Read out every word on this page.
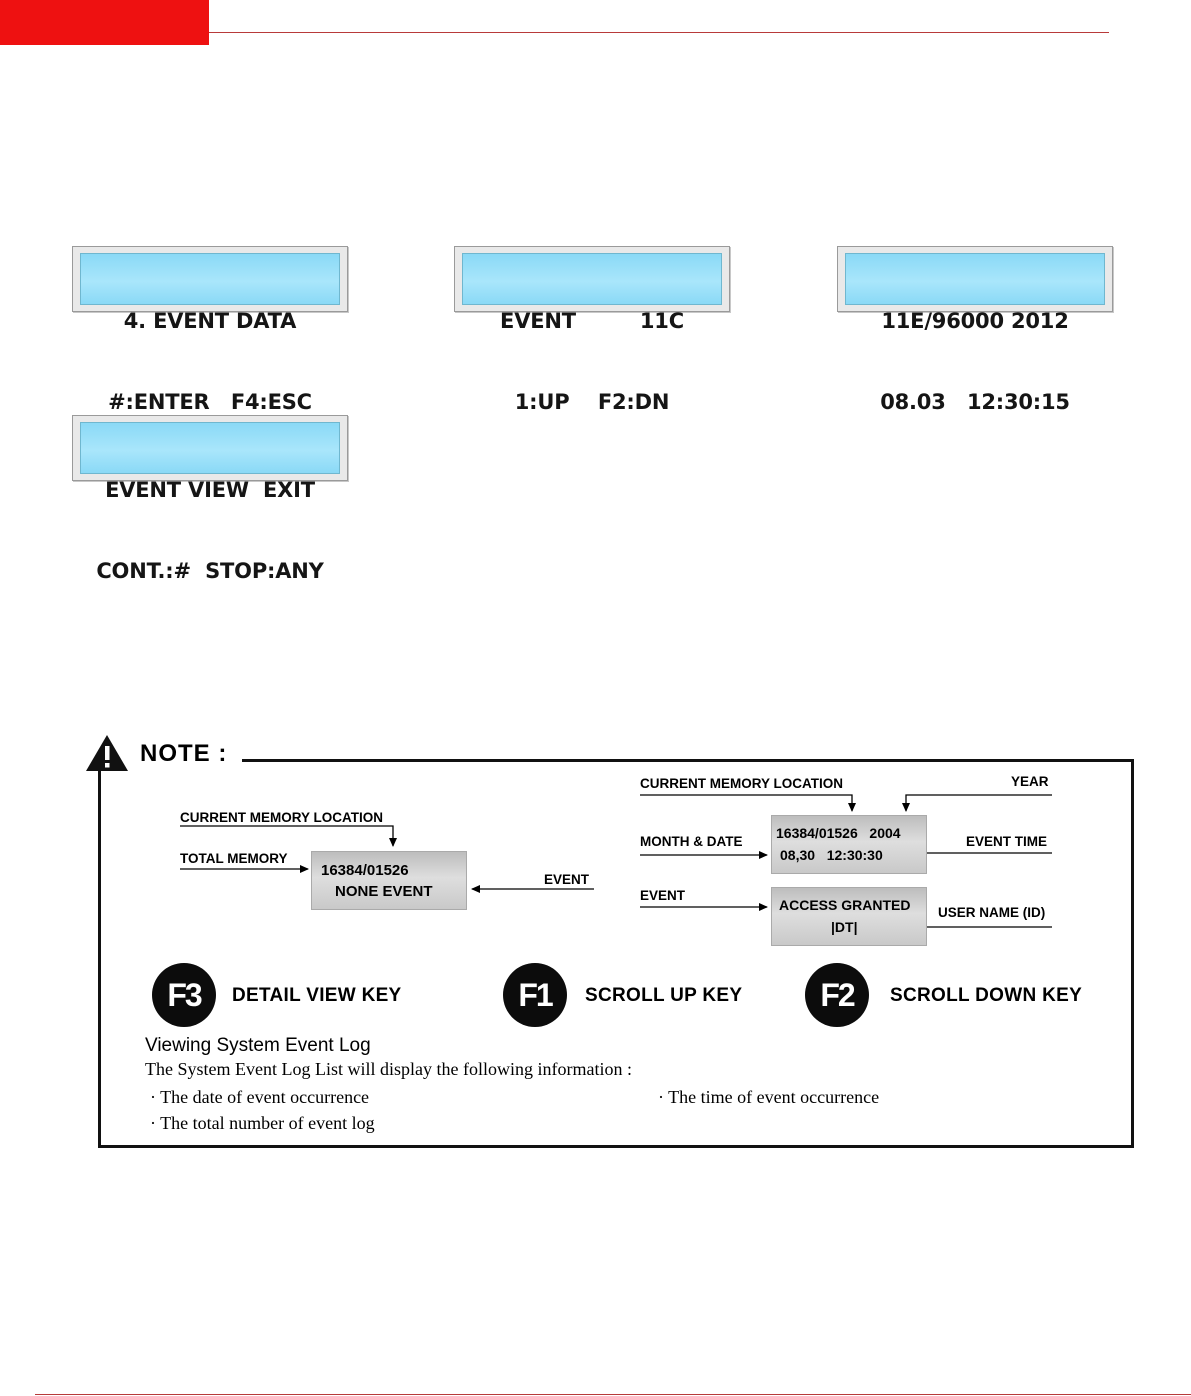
4. EVENT DATA

#:ENTER   F4:ESC

EVENT         11C

1:UP    F2:DN

11E/96000 2012

08.03   12:30:15

EVENT VIEW  EXIT

CONT.:#  STOP:ANY

NOTE :
CURRENT MEMORY LOCATION
TOTAL MEMORY
EVENT

16384/01526

NONE EVENT

CURRENT MEMORY LOCATION	YEAR
MONTH & DATE	EVENT TIME
EVENT
USER NAME (ID)

16384/01526   2004

08,30   12:30:30

ACCESS GRANTED

|DT|

F3	DETAIL VIEW KEY	F1	SCROLL UP KEY	F2	SCROLL DOWN KEY
Viewing System Event Log
The System Event Log List will display the following information :
· The date of event occurrence	· The time of event occurrence
· The total number of event log
